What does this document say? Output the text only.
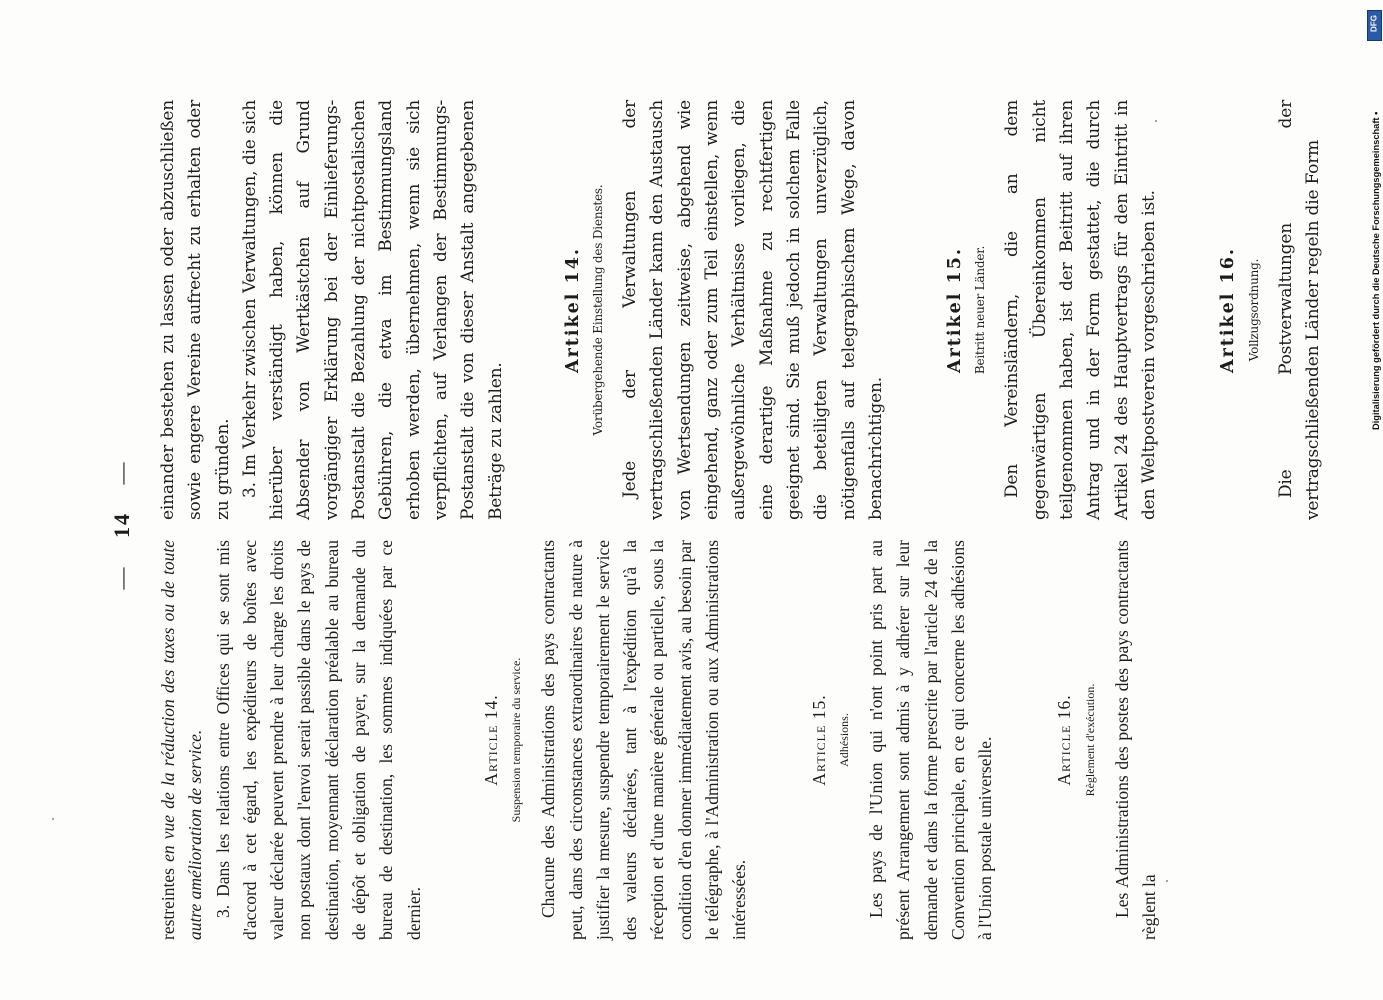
— 14 —

restreintes en vue de la réduction des taxes ou de toute autre amélioration de service. 3. Dans les relations entre Offices qui se sont mis d'accord à cet égard, les expéditeurs de boîtes avec valeur déclarée peuvent prendre à leur charge les droits non postaux dont l'envoi serait passible dans le pays de destination, moyennant déclaration préalable au bureau de dépôt et obligation de payer, sur la demande du bureau de destination, les sommes indiquées par ce dernier.

Article 14. Suspension temporaire du service. Chacune des Administrations des pays contractants peut, dans des circonstances extraordinaires de nature à justifier la mesure, suspendre temporairement le service des valeurs déclarées, tant à l'expédition qu'à la réception et d'une manière générale ou partielle, sous la condition d'en donner immédiatement avis, au besoin par le télégraphe, à l'Administration ou aux Administrations intéressées.

Article 15. Adhésions. Les pays de l'Union qui n'ont point pris part au présent Arrangement sont admis à y adhérer sur leur demande et dans la forme prescrite par l'article 24 de la Convention principale, en ce qui concerne les adhésions à l'Union postale universelle.	Article 16. Règlement d'exécution. Les Administrations des postes des pays contractants règlent la

einander bestehen zu lassen oder abzuschließen sowie engere Vereine aufrecht zu erhalten oder zu gründen. 3. Im Verkehr zwischen Verwaltungen, die sich hierüber verständigt haben, können die Absender von Wertkästchen auf Grund vorgängiger Erklärung bei der Einlieferungs-Postanstalt die Bezahlung der nichtpostalischen Gebühren, die etwa im Bestimmungsland erhoben werden, übernehmen, wenn sie sich verpflichten, auf Verlangen der Bestimmungs-Postanstalt die von dieser Anstalt angegebenen Beträge zu zahlen.

Artikel 14. Vorübergehende Einstellung des Dienstes. Jede der Verwaltungen der vertragschließenden Länder kann den Austausch von Wertsendungen zeitweise, abgehend wie eingehend, ganz oder zum Teil einstellen, wenn außergewöhnliche Verhältnisse vorliegen, die eine derartige Maßnahme zu rechtfertigen geeignet sind. Sie muß jedoch in solchem Falle die beteiligten Verwaltungen unverzüglich, nötigenfalls auf telegraphischem Wege, davon benachrichtigen.

Artikel 15. Beitritt neuer Länder. Den Vereinsländern, die an dem gegenwärtigen Übereinkommen nicht teilgenommen haben, ist der Beitritt auf ihren Antrag und in der Form gestattet, die durch Artikel 24 des Hauptvertrags für den Eintritt in den Weltpostverein vorgeschrieben ist.	Artikel 16. Vollzugsordnung. Die Postverwaltungen der vertragschließenden Länder regeln die Form

DFG
Digitalisierung gefördert durch die Deutsche Forschungsgemeinschaft •
